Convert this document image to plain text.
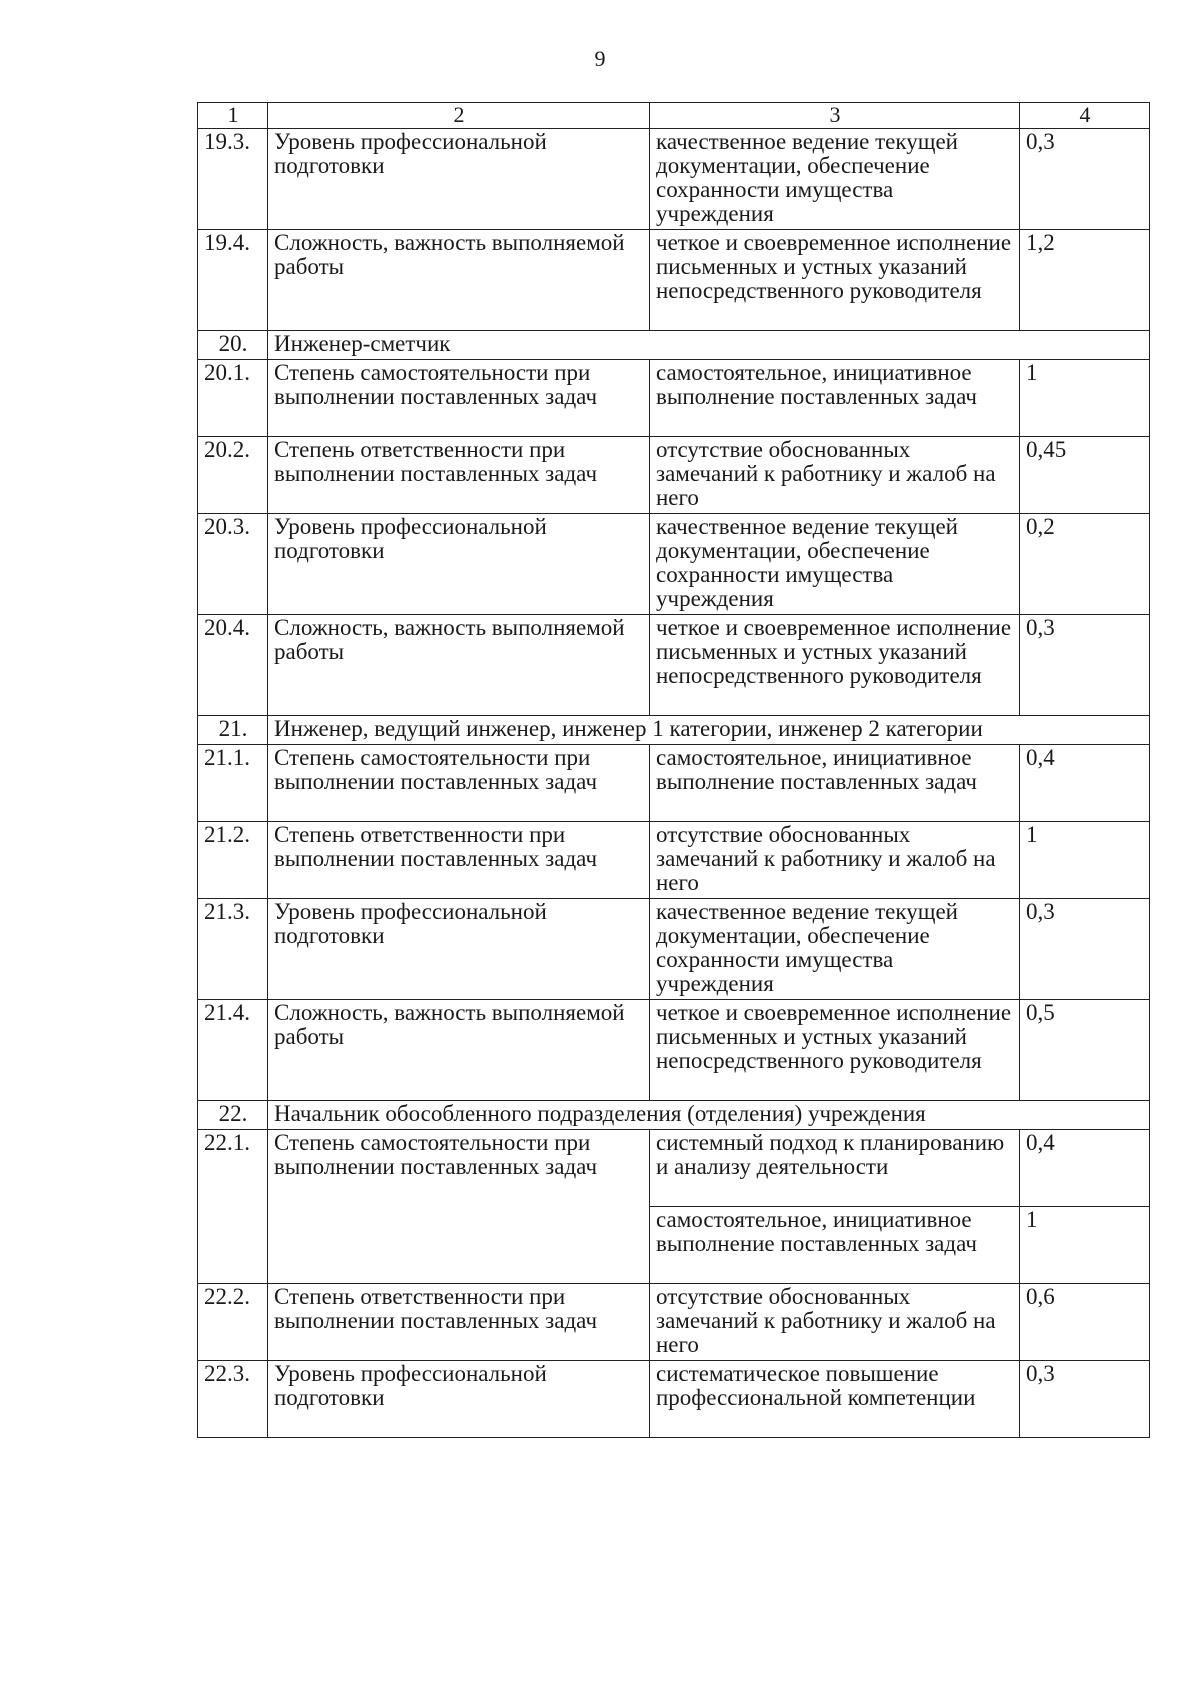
9
1	2	3	4
19.3.	Уровень профессиональной подготовки	качественное ведение текущей документации, обеспечение сохранности имущества учреждения	0,3
19.4.	Сложность, важность выполняемой работы	четкое и своевременное исполнение письменных и устных указаний непосредственного руководителя	1,2
20.	Инженер-сметчик		
20.1.	Степень самостоятельности при выполнении поставленных задач	самостоятельное, инициативное выполнение поставленных задач	1
20.2.	Степень ответственности при выполнении поставленных задач	отсутствие обоснованных замечаний к работнику и жалоб на него	0,45
20.3.	Уровень профессиональной подготовки	качественное ведение текущей документации, обеспечение сохранности имущества учреждения	0,2
20.4.	Сложность, важность выполняемой работы	четкое и своевременное исполнение письменных и устных указаний непосредственного руководителя	0,3
21.	Инженер, ведущий инженер, инженер 1 категории, инженер 2 категории		
21.1.	Степень самостоятельности при выполнении поставленных задач	самостоятельное, инициативное выполнение поставленных задач	0,4
21.2.	Степень ответственности при выполнении поставленных задач	отсутствие обоснованных замечаний к работнику и жалоб на него	1
21.3.	Уровень профессиональной подготовки	качественное ведение текущей документации, обеспечение сохранности имущества учреждения	0,3
21.4.	Сложность, важность выполняемой работы	четкое и своевременное исполнение письменных и устных указаний непосредственного руководителя	0,5
22.	Начальник обособленного подразделения (отделения) учреждения		
22.1.	Степень самостоятельности при выполнении поставленных задач	системный подход к планированию и анализу деятельности	0,4
		самостоятельное, инициативное выполнение поставленных задач	1
22.2.	Степень ответственности при выполнении поставленных задач	отсутствие обоснованных замечаний к работнику и жалоб на него	0,6
22.3.	Уровень профессиональной подготовки	систематическое повышение профессиональной компетенции	0,3
